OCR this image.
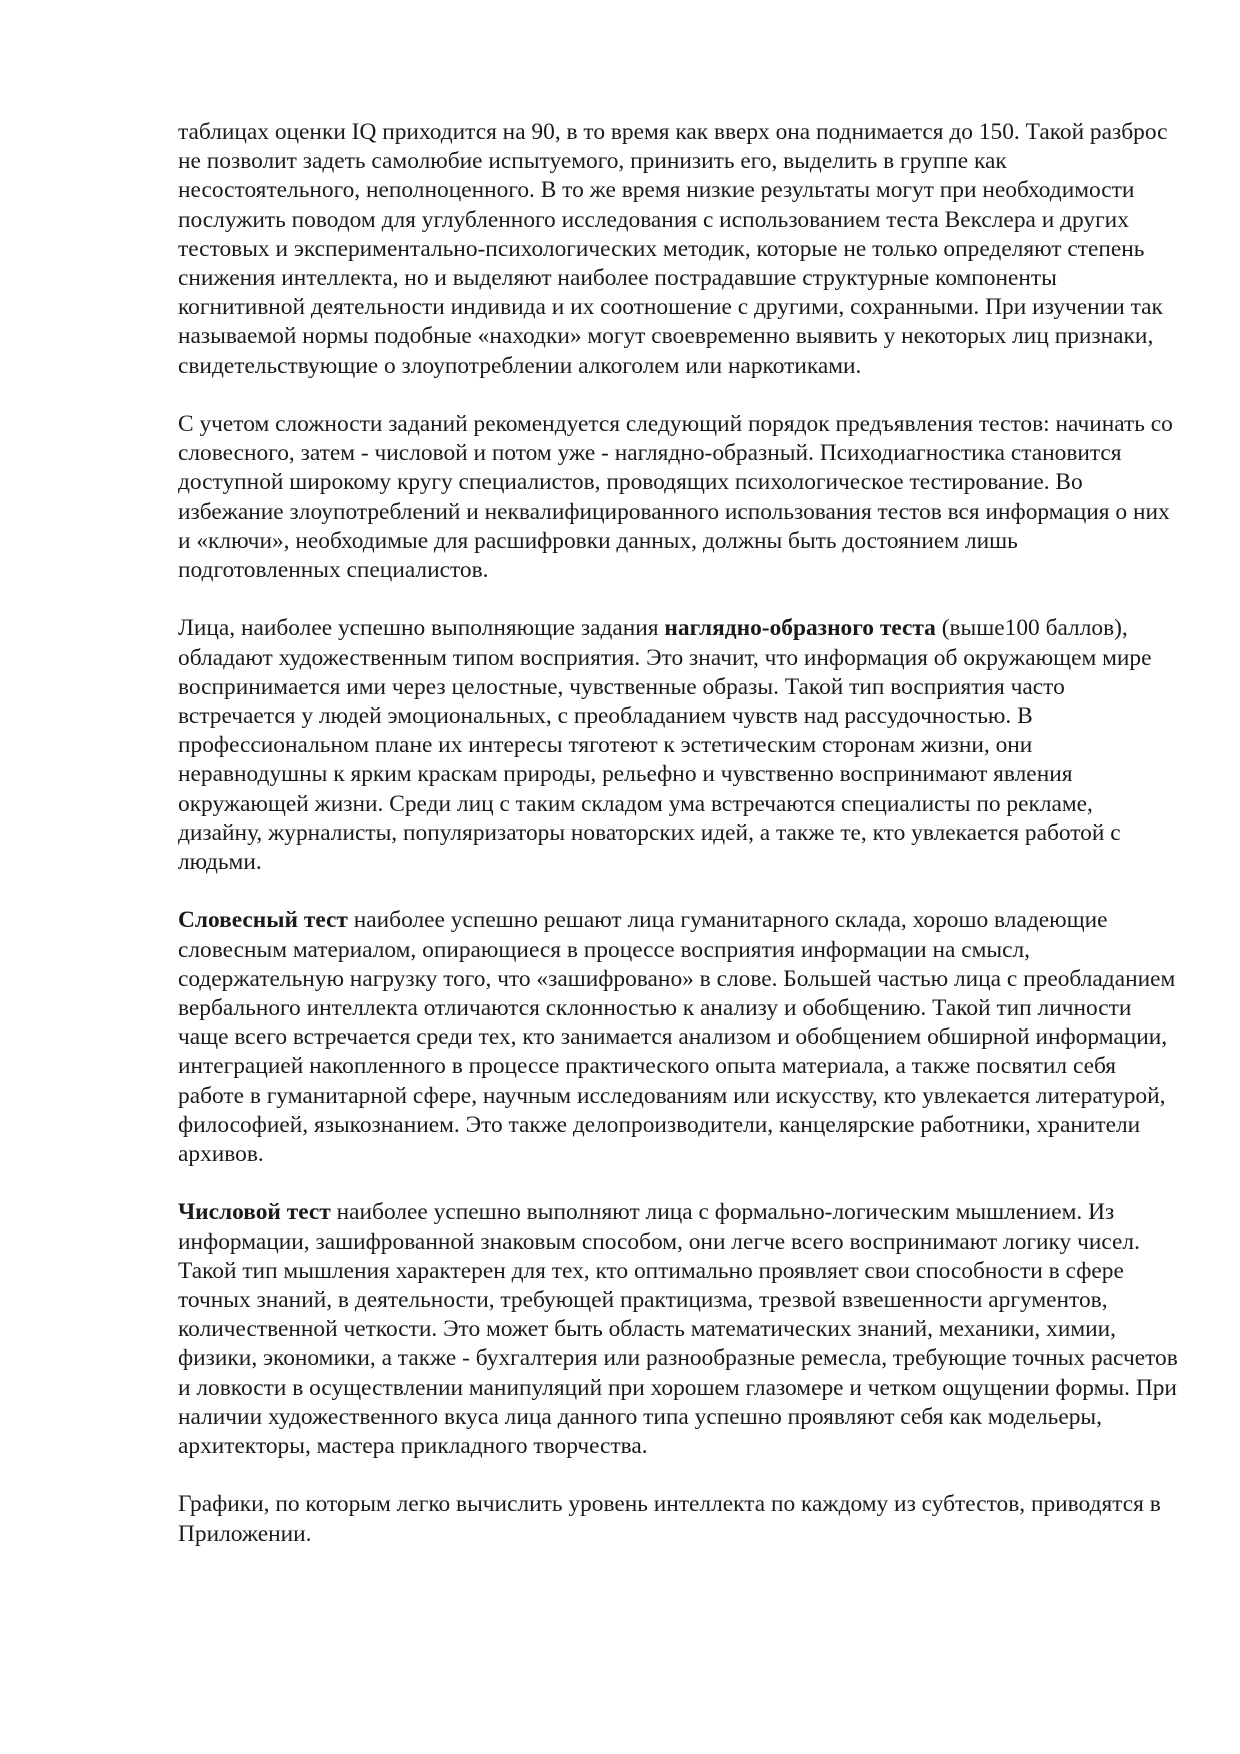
таблицах оценки IQ приходится на 90, в то время как вверх она поднимается до 150. Такой разброс не позволит задеть самолюбие испытуемого, принизить его, выделить в группе как несостоятельного, неполноценного. В то же время низкие результаты могут при необходимости послужить поводом для углубленного исследования с использованием теста Векслера и других тестовых и экспериментально-психологических методик, которые не только определяют степень снижения интеллекта, но и выделяют наиболее пострадавшие структурные компоненты когнитивной деятельности индивида и их соотношение с другими, сохранными. При изучении так называемой нормы подобные «находки» могут своевременно выявить у некоторых лиц признаки, свидетельствующие о злоупотреблении алкоголем или наркотиками.

С учетом сложности заданий рекомендуется следующий порядок предъявления тестов: начинать со словесного, затем - числовой и потом уже - наглядно-образный. Психодиагностика становится доступной широкому кругу специалистов, проводящих психологическое тестирование. Во избежание злоупотреблений и неквалифицированного использования тестов вся информация о них и «ключи», необходимые для расшифровки данных, должны быть достоянием лишь подготовленных специалистов.

Лица, наиболее успешно выполняющие задания наглядно-образного теста (выше100 баллов), обладают художественным типом восприятия. Это значит, что информация об окружающем мире воспринимается ими через целостные, чувственные образы. Такой тип восприятия часто встречается у людей эмоциональных, с преобладанием чувств над рассудочностью. В профессиональном плане их интересы тяготеют к эстетическим сторонам жизни, они неравнодушны к ярким краскам природы, рельефно и чувственно воспринимают явления окружающей жизни. Среди лиц с таким складом ума встречаются специалисты по рекламе, дизайну, журналисты, популяризаторы новаторских идей, а также те, кто увлекается работой с людьми.

Словесный тест наиболее успешно решают лица гуманитарного склада, хорошо владеющие словесным материалом, опирающиеся в процессе восприятия информации на смысл, содержательную нагрузку того, что «зашифровано» в слове. Большей частью лица с преобладанием вербального интеллекта отличаются склонностью к анализу и обобщению. Такой тип личности чаще всего встречается среди тех, кто занимается анализом и обобщением обширной информации, интеграцией накопленного в процессе практического опыта материала, а также посвятил себя работе в гуманитарной сфере, научным исследованиям или искусству, кто увлекается литературой, философией, языкознанием. Это также делопроизводители, канцелярские работники, хранители архивов.

Числовой тест наиболее успешно выполняют лица с формально-логическим мышлением. Из информации, зашифрованной знаковым способом, они легче всего воспринимают логику чисел. Такой тип мышления характерен для тех, кто оптимально проявляет свои способности в сфере точных знаний, в деятельности, требующей практицизма, трезвой взвешенности аргументов, количественной четкости. Это может быть область математических знаний, механики, химии, физики, экономики, а также - бухгалтерия или разнообразные ремесла, требующие точных расчетов и ловкости в осуществлении манипуляций при хорошем глазомере и четком ощущении формы. При наличии художественного вкуса лица данного типа успешно проявляют себя как модельеры, архитекторы, мастера прикладного творчества.

Графики, по которым легко вычислить уровень интеллекта по каждому из субтестов, приводятся в Приложении.
